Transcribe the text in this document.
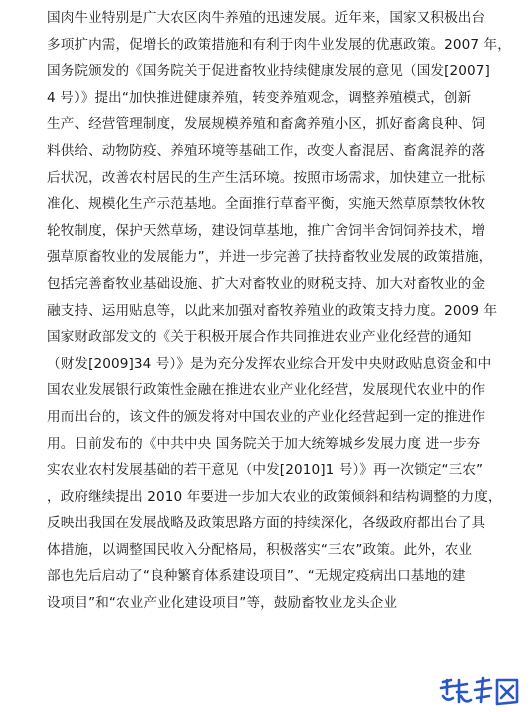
国肉牛业特别是广大农区肉牛养殖的迅速发展。近年来，国家又积极出台
多项扩内需，促增长的政策措施和有利于肉牛业发展的优惠政策。2007 年，
国务院颁发的《国务院关于促进畜牧业持续健康发展的意见（国发[2007]
4 号）》提出“加快推进健康养殖，转变养殖观念，调整养殖模式，创新
生产、经营管理制度，发展规模养殖和畜禽养殖小区，抓好畜禽良种、饲
料供给、动物防疫、养殖环境等基础工作，改变人畜混居、畜禽混养的落
后状况，改善农村居民的生产生活环境。按照市场需求，加快建立一批标
准化、规模化生产示范基地。全面推行草畜平衡，实施天然草原禁牧休牧
轮牧制度，保护天然草场，建设饲草基地，推广舍饲半舍饲饲养技术，增
强草原畜牧业的发展能力”，并进一步完善了扶持畜牧业发展的政策措施，
包括完善畜牧业基础设施、扩大对畜牧业的财税支持、加大对畜牧业的金
融支持、运用贴息等，以此来加强对畜牧养殖业的政策支持力度。2009 年
国家财政部发文的《关于积极开展合作共同推进农业产业化经营的通知
（财发[2009]34 号）》是为充分发挥农业综合开发中央财政贴息资金和中
国农业发展银行政策性金融在推进农业产业化经营，发展现代农业中的作
用而出台的，该文件的颁发将对中国农业的产业化经营起到一定的推进作
用。日前发布的《中共中央 国务院关于加大统筹城乡发展力度 进一步夯
实农业农村发展基础的若干意见（中发[2010]1 号）》再一次锁定“三农”
，政府继续提出 2010 年要进一步加大农业的政策倾斜和结构调整的力度，
反映出我国在发展战略及政策思路方面的持续深化，各级政府都出台了具
体措施，以调整国民收入分配格局，积极落实“三农”政策。此外，农业
部也先后启动了“良种繁育体系建设项目”、“无规定疫病出口基地的建
设项目”和“农业产业化建设项目”等，鼓励畜牧业龙头企业
